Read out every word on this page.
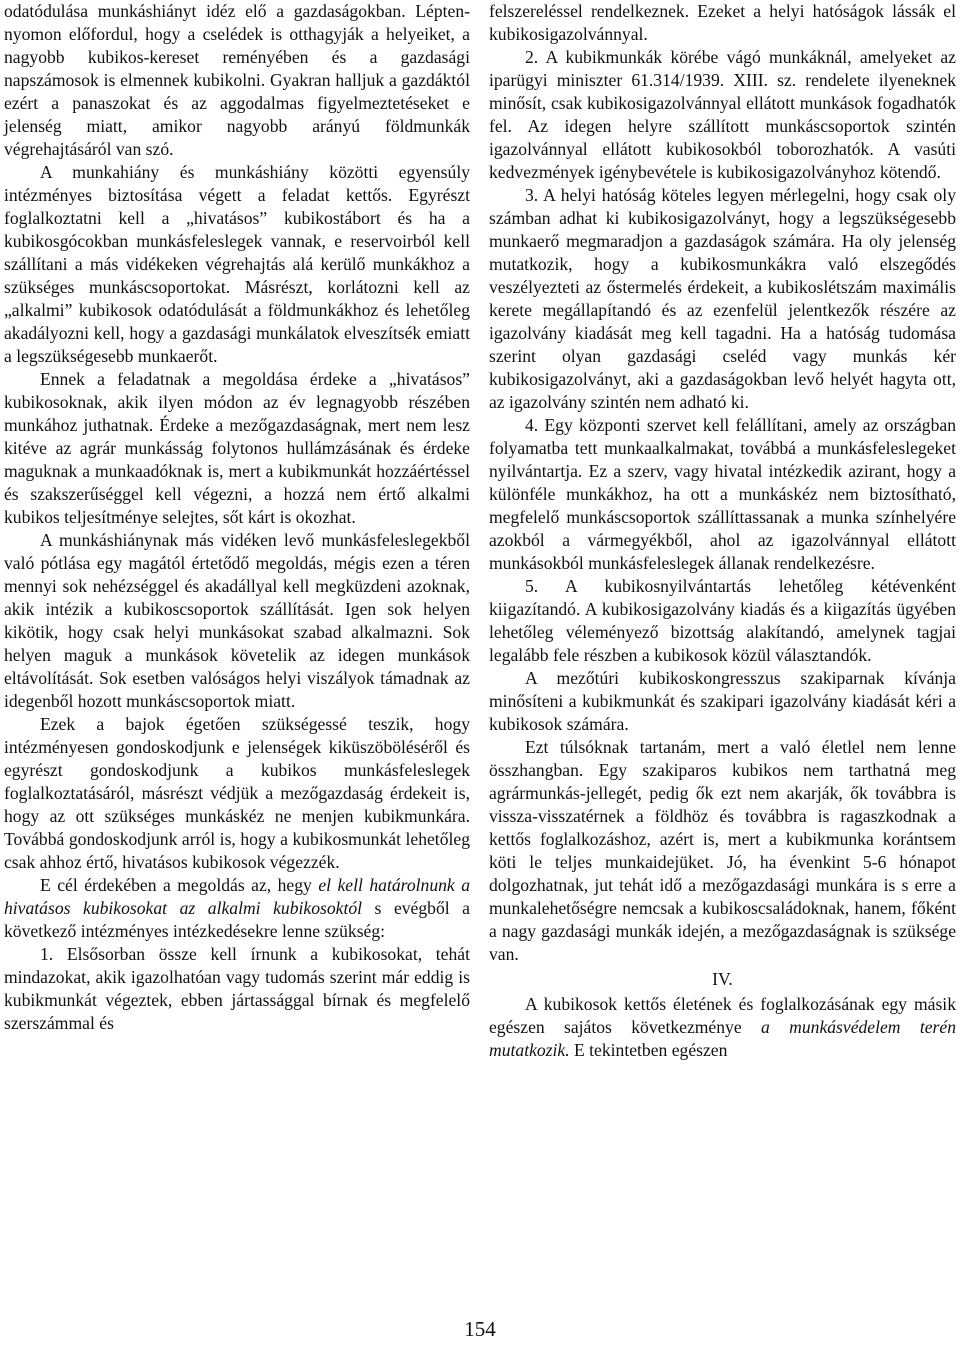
odatódulása munkáshiányt idéz elő a gazdaságokban. Lépten-nyomon előfordul, hogy a cselédek is otthagyják a helyeiket, a nagyobb kubikos-kereset reményében és a gazdasági napszámosok is elmennek kubikolni. Gyakran halljuk a gazdáktól ezért a panaszokat és az aggodalmas figyelmeztetéseket e jelenség miatt, amikor nagyobb arányú földmunkák végrehajtásáról van szó.

A munkahiány és munkáshiány közötti egyensúly intézményes biztosítása végett a feladat kettős. Egyrészt foglalkoztatni kell a „hivatásos” kubikostábort és ha a kubikosgócokban munkásfeleslegek vannak, e reservoirból kell szállítani a más vidékeken végrehajtás alá kerülő munkákhoz a szükséges munkáscsoportokat. Másrészt, korlátozni kell az „alkalmi” kubikosok odatódulását a földmunkákhoz és lehetőleg akadályozni kell, hogy a gazdasági munkálatok elveszítsék emiatt a legszükségesebb munkaerőt.

Ennek a feladatnak a megoldása érdeke a „hivatásos” kubikosoknak, akik ilyen módon az év legnagyobb részében munkához juthatnak. Érdeke a mezőgazdaságnak, mert nem lesz kitéve az agrár munkásság folytonos hullámzásának és érdeke maguknak a munkaadóknak is, mert a kubikmunkát hozzáértéssel és szakszerűséggel kell végezni, a hozzá nem értő alkalmi kubikos teljesítménye selejtes, sőt kárt is okozhat.

A munkáshiánynak más vidéken levő munkásfeleslegekből való pótlása egy magától értetődő megoldás, mégis ezen a téren mennyi sok nehézséggel és akadállyal kell megküzdeni azoknak, akik intézik a kubikoscsoportok szállítását. Igen sok helyen kikötik, hogy csak helyi munkásokat szabad alkalmazni. Sok helyen maguk a munkások követelik az idegen munkások eltávolítását. Sok esetben valóságos helyi viszályok támadnak az idegenből hozott munkáscsoportok miatt.

Ezek a bajok égetően szükségessé teszik, hogy intézményesen gondoskodjunk e jelenségek kiküszöböléséről és egyrészt gondoskodjunk a kubikos munkásfeleslegek foglalkoztatásáról, másrészt védjük a mezőgazdaság érdekeit is, hogy az ott szükséges munkáskéz ne menjen kubikmunkára. Továbbá gondoskodjunk arról is, hogy a kubikosmunkát lehetőleg csak ahhoz értő, hivatásos kubikosok végezzék.

E cél érdekében a megoldás az, hegy el kell határolnunk a hivatásos kubikosokat az alkalmi kubikosoktól s evégből a következő intézményes intézkedésekre lenne szükség:

1. Elsősorban össze kell írnunk a kubikosokat, tehát mindazokat, akik igazolhatóan vagy tudomás szerint már eddig is kubikmunkát végeztek, ebben jártassággal bírnak és megfelelő szerszámmal és

felszereléssel rendelkeznek. Ezeket a helyi hatóságok lássák el kubikosigazolvánnyal.

2. A kubikmunkák körébe vágó munkáknál, amelyeket az iparügyi miniszter 61.314/1939. XIII. sz. rendelete ilyeneknek minősít, csak kubikosigazolvánnyal ellátott munkások fogadhatók fel. Az idegen helyre szállított munkáscsoportok szintén igazolvánnyal ellátott kubikosokból toborozhatók. A vasúti kedvezmények igénybevétele is kubikosigazolványhoz kötendő.

3. A helyi hatóság köteles legyen mérlegelni, hogy csak oly számban adhat ki kubikosigazolványt, hogy a legszükségesebb munkaerő megmaradjon a gazdaságok számára. Ha oly jelenség mutatkozik, hogy a kubikosmunkákra való elszegődés veszélyezteti az őstermelés érdekeit, a kubikoslétszám maximális kerete megállapítandó és az ezenfelül jelentkezők részére az igazolvány kiadását meg kell tagadni. Ha a hatóság tudomása szerint olyan gazdasági cseléd vagy munkás kér kubikosigazolványt, aki a gazdaságokban levő helyét hagyta ott, az igazolvány szintén nem adható ki.

4. Egy központi szervet kell felállítani, amely az országban folyamatba tett munkaalkalmakat, továbbá a munkásfeleslegeket nyilvántartja. Ez a szerv, vagy hivatal intézkedik azirant, hogy a különféle munkákhoz, ha ott a munkáskéz nem biztosítható, megfelelő munkáscsoportok szállíttassanak a munka színhelyére azokból a vármegyékből, ahol az igazolvánnyal ellátott munkásokból munkásfeleslegek állanak rendelkezésre.

5. A kubikosnyilvántartás lehetőleg kétévenként kiigazítandó. A kubikosigazolvány kiadás és a kiigazítás ügyében lehetőleg véleményező bizottság alakítandó, amelynek tagjai legalább fele részben a kubikosok közül választandók.

A mezőtúri kubikoskongresszus szakiparnak kívánja minősíteni a kubikmunkát és szakipari igazolvány kiadását kéri a kubikosok számára.

Ezt túlsóknak tartanám, mert a való életlel nem lenne összhangban. Egy szakiparos kubikos nem tarthatná meg agrármunkás-jellegét, pedig ők ezt nem akarják, ők továbbra is vissza-visszatérnek a földhöz és továbbra is ragaszkodnak a kettős foglalkozáshoz, azért is, mert a kubikmunka korántsem köti le teljes munkaidejüket. Jó, ha évenkint 5-6 hónapot dolgozhatnak, jut tehát idő a mezőgazdasági munkára is s erre a munkalehetőségre nemcsak a kubikoscsaládoknak, hanem, főként a nagy gazdasági munkák idején, a mezőgazdaságnak is szüksége van.

IV.

A kubikosok kettős életének és foglalkozásának egy másik egészen sajátos következménye a munkásvédelem terén mutatkozik. E tekintetben egészen

154
